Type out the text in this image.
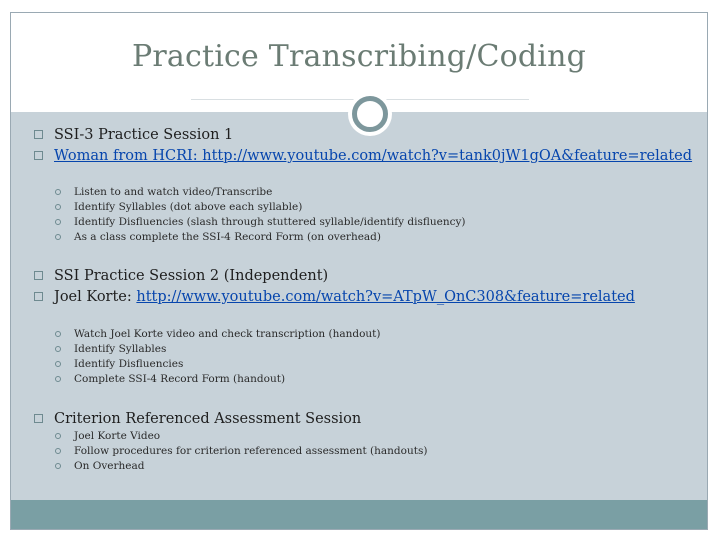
Practice Transcribing/Coding
SSI-3 Practice Session 1
Woman from HCRI: http://www.youtube.com/watch?v=tank0jW1gOA&feature=related
Listen to and watch video/Transcribe
Identify Syllables (dot above each syllable)
Identify Disfluencies (slash through stuttered syllable/identify disfluency)
As a class complete the SSI-4 Record Form (on overhead)
SSI Practice Session 2 (Independent)
Joel Korte: http://www.youtube.com/watch?v=ATpW_OnC308&feature=related
Watch Joel Korte video and check transcription (handout)
Identify Syllables
Identify Disfluencies
Complete SSI-4 Record Form (handout)
Criterion Referenced Assessment Session
Joel Korte Video
Follow procedures for criterion referenced assessment (handouts)
On Overhead
